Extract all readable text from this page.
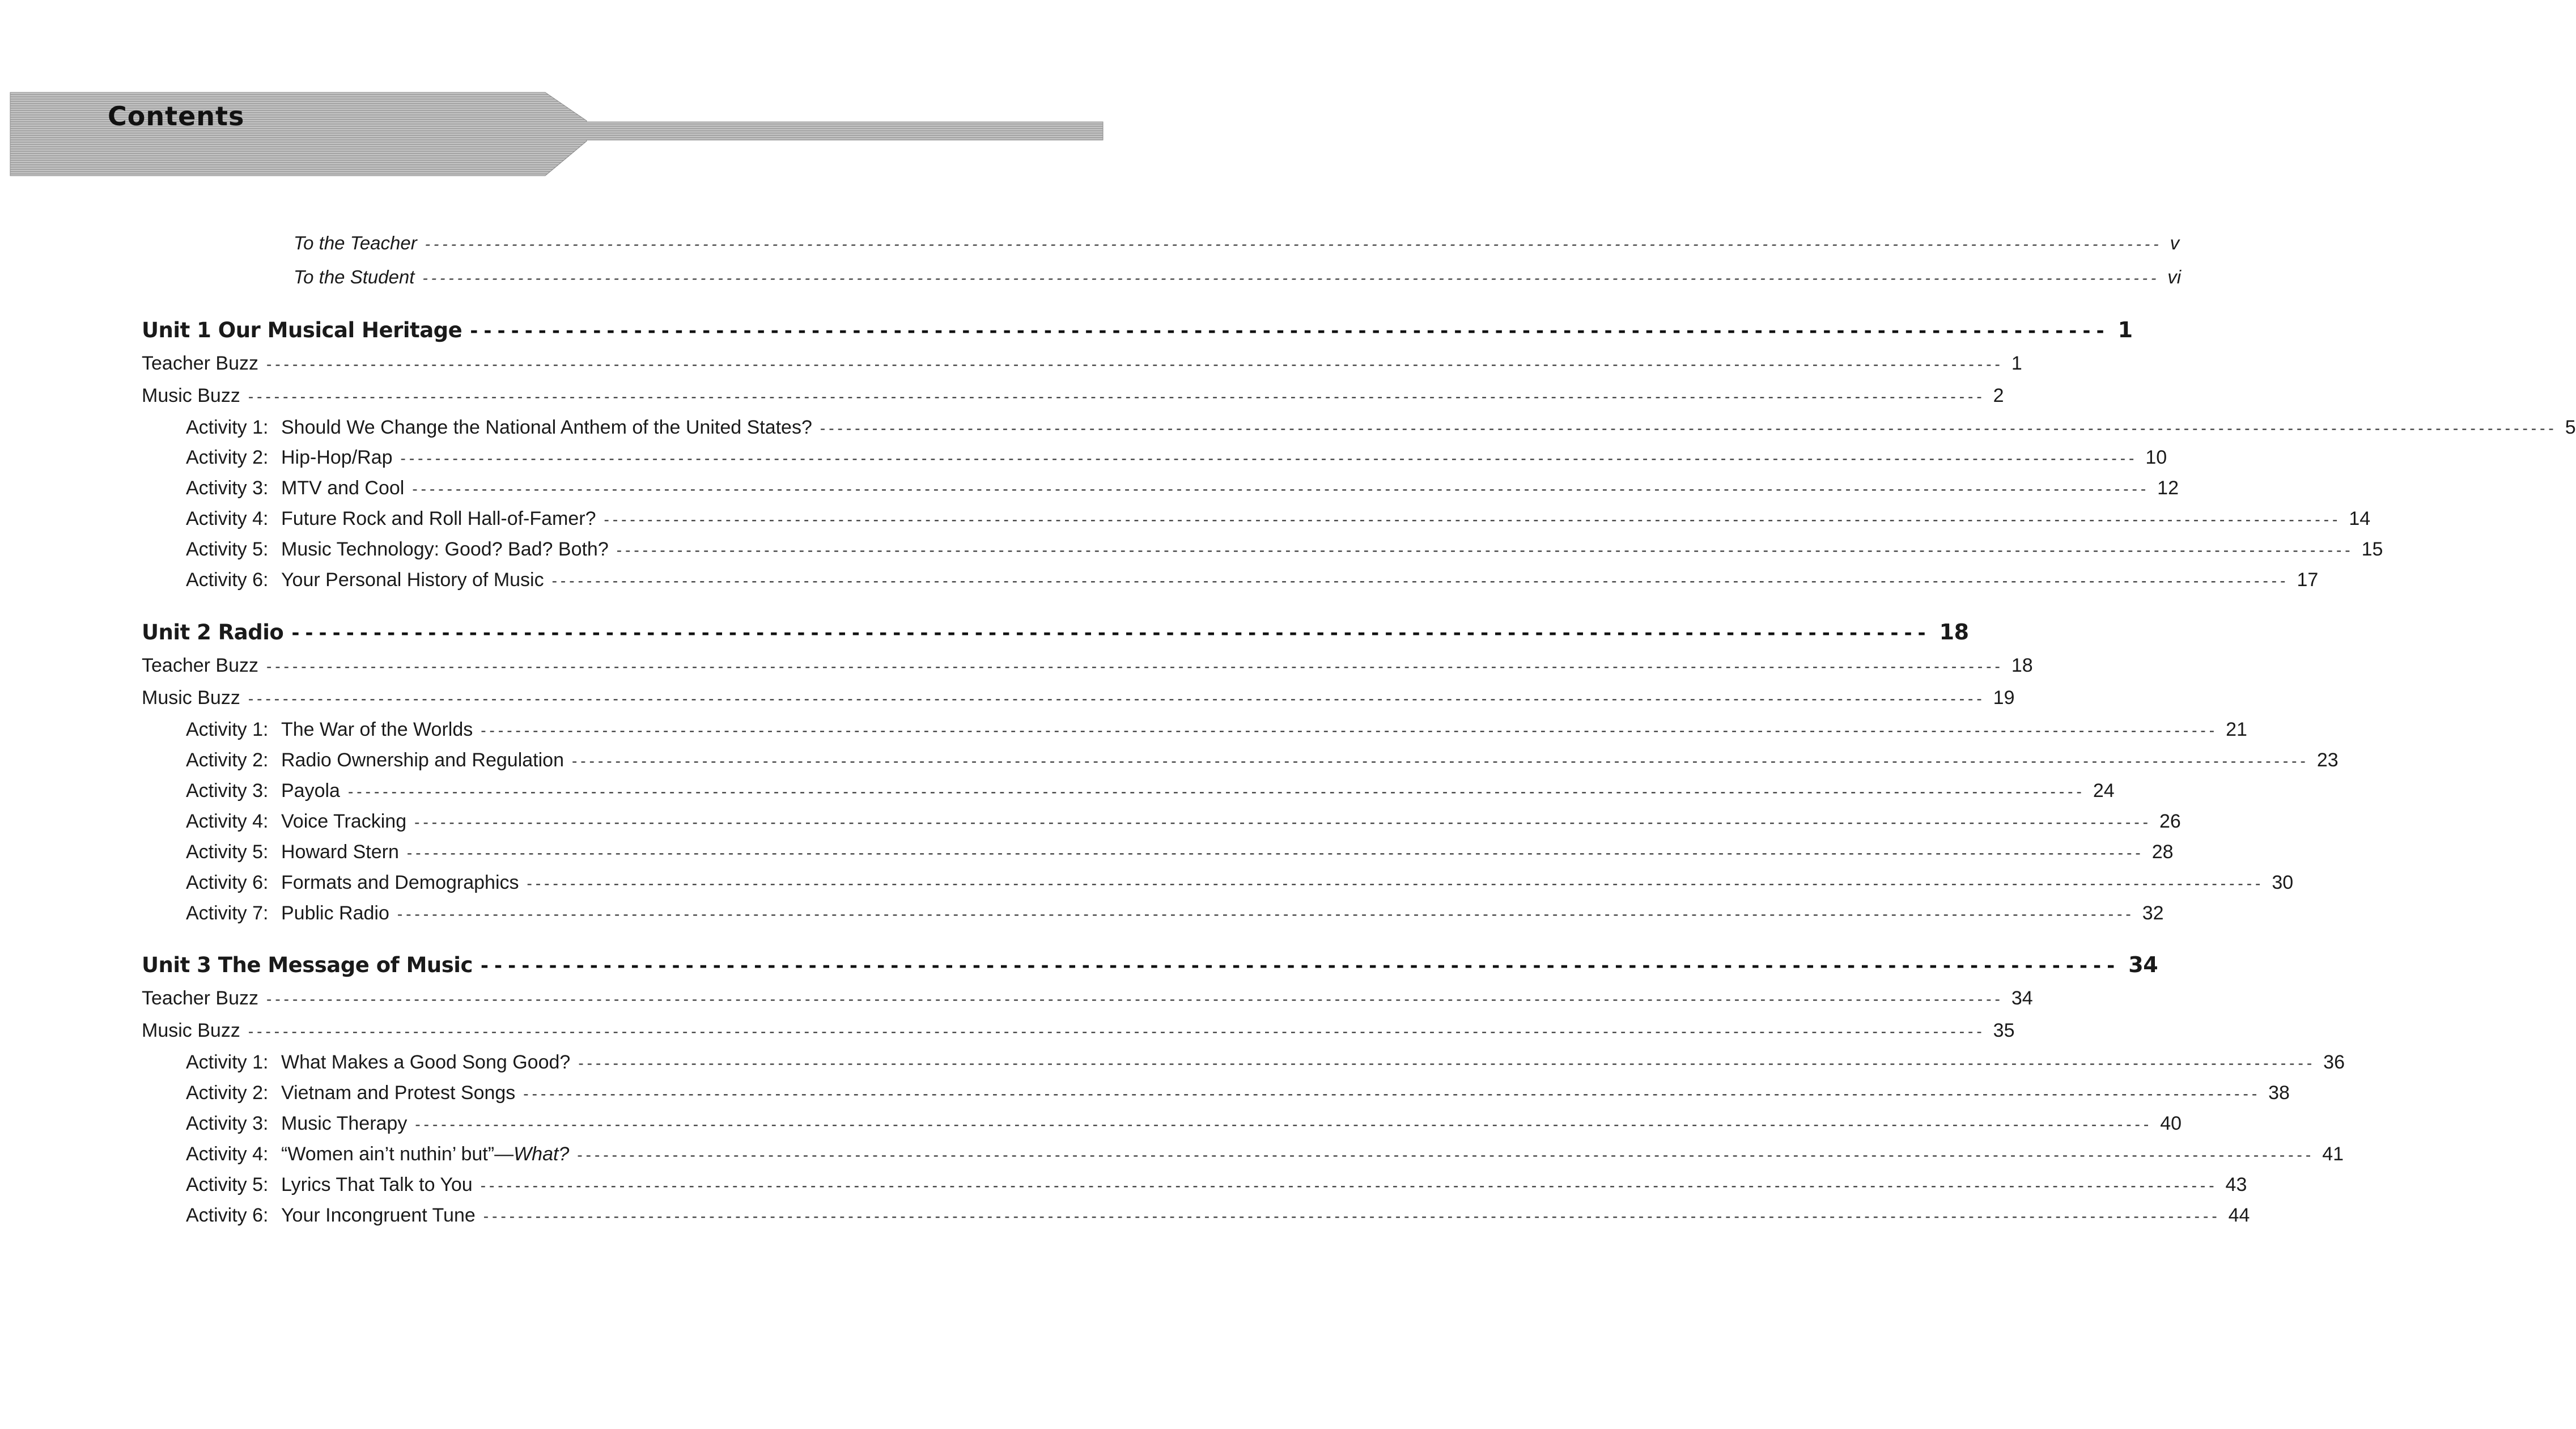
Contents
To the Teacher -------------------------------------------------------------------------------------------------------------------------------------------------------------------------------------------------------- v
To the Student -------------------------------------------------------------------------------------------------------------------------------------------------------------------------------------------------------- vi
Unit 1 Our Musical Heritage ------------------------------------------------------------------------------------------------------------------------ 1
Teacher Buzz -------------------------------------------------------------------------------------------------------------------------------------------------------------------------------------------------------- 1
Music Buzz -------------------------------------------------------------------------------------------------------------------------------------------------------------------------------------------------------- 2
Activity 1: Should We Change the National Anthem of the United States? -------------------------------------------------------------------------------------------------------------------------------------------------------------------------------------------------------- 5
Activity 2: Hip-Hop/Rap -------------------------------------------------------------------------------------------------------------------------------------------------------------------------------------------------------- 10
Activity 3: MTV and Cool -------------------------------------------------------------------------------------------------------------------------------------------------------------------------------------------------------- 12
Activity 4: Future Rock and Roll Hall-of-Famer? -------------------------------------------------------------------------------------------------------------------------------------------------------------------------------------------------------- 14
Activity 5: Music Technology: Good? Bad? Both? -------------------------------------------------------------------------------------------------------------------------------------------------------------------------------------------------------- 15
Activity 6: Your Personal History of Music -------------------------------------------------------------------------------------------------------------------------------------------------------------------------------------------------------- 17
Unit 2 Radio ------------------------------------------------------------------------------------------------------------------------ 18
Teacher Buzz -------------------------------------------------------------------------------------------------------------------------------------------------------------------------------------------------------- 18
Music Buzz -------------------------------------------------------------------------------------------------------------------------------------------------------------------------------------------------------- 19
Activity 1: The War of the Worlds -------------------------------------------------------------------------------------------------------------------------------------------------------------------------------------------------------- 21
Activity 2: Radio Ownership and Regulation -------------------------------------------------------------------------------------------------------------------------------------------------------------------------------------------------------- 23
Activity 3: Payola -------------------------------------------------------------------------------------------------------------------------------------------------------------------------------------------------------- 24
Activity 4: Voice Tracking -------------------------------------------------------------------------------------------------------------------------------------------------------------------------------------------------------- 26
Activity 5: Howard Stern -------------------------------------------------------------------------------------------------------------------------------------------------------------------------------------------------------- 28
Activity 6: Formats and Demographics -------------------------------------------------------------------------------------------------------------------------------------------------------------------------------------------------------- 30
Activity 7: Public Radio -------------------------------------------------------------------------------------------------------------------------------------------------------------------------------------------------------- 32
Unit 3 The Message of Music ------------------------------------------------------------------------------------------------------------------------ 34
Teacher Buzz -------------------------------------------------------------------------------------------------------------------------------------------------------------------------------------------------------- 34
Music Buzz -------------------------------------------------------------------------------------------------------------------------------------------------------------------------------------------------------- 35
Activity 1: What Makes a Good Song Good? -------------------------------------------------------------------------------------------------------------------------------------------------------------------------------------------------------- 36
Activity 2: Vietnam and Protest Songs -------------------------------------------------------------------------------------------------------------------------------------------------------------------------------------------------------- 38
Activity 3: Music Therapy -------------------------------------------------------------------------------------------------------------------------------------------------------------------------------------------------------- 40
Activity 4: “Women ain’t nuthin’ but”—What? -------------------------------------------------------------------------------------------------------------------------------------------------------------------------------------------------------- 41
Activity 5: Lyrics That Talk to You -------------------------------------------------------------------------------------------------------------------------------------------------------------------------------------------------------- 43
Activity 6: Your Incongruent Tune -------------------------------------------------------------------------------------------------------------------------------------------------------------------------------------------------------- 44
